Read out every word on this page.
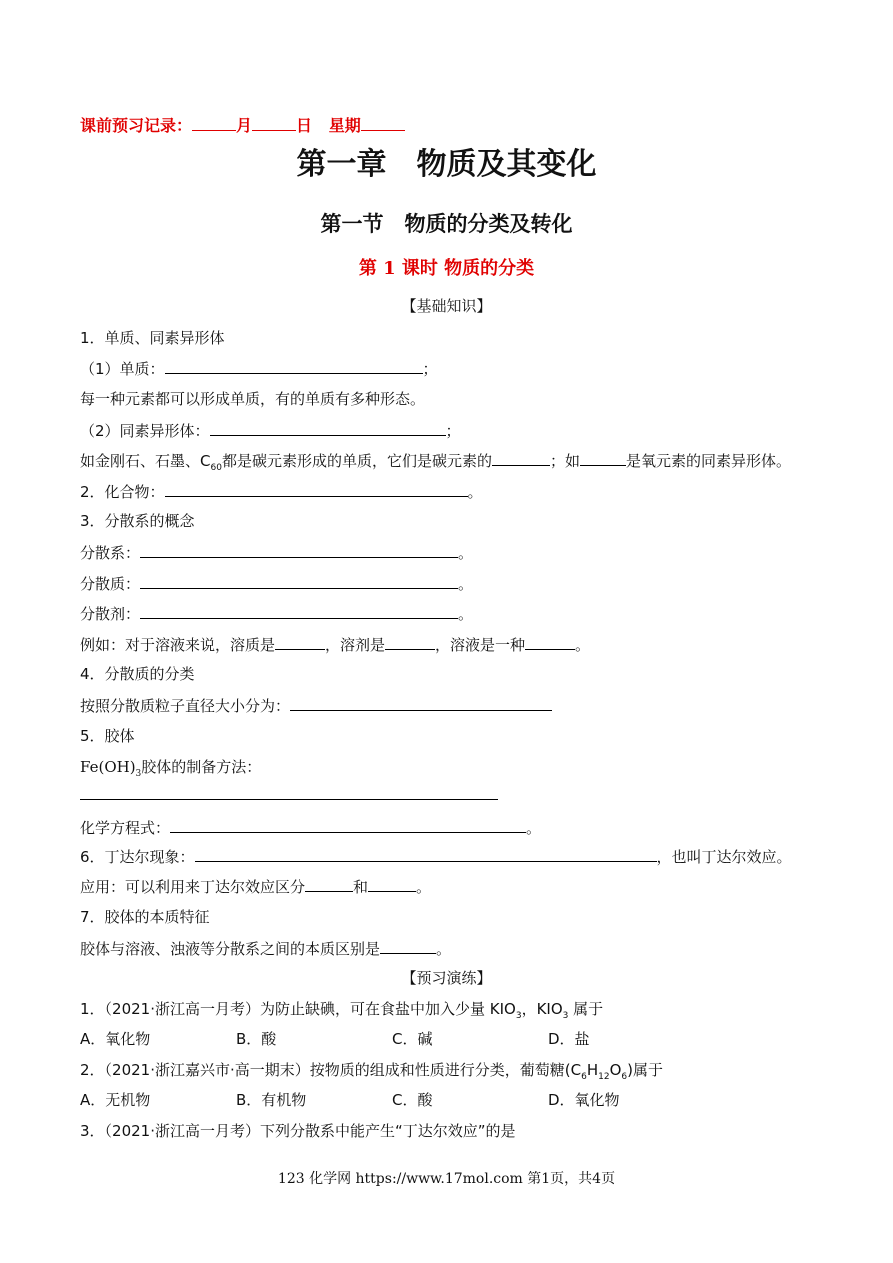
课前预习记录：	月	日 星期
第一章　物质及其变化
第一节　物质的分类及转化
第 1 课时 物质的分类
【基础知识】
1．单质、同素异形体
（1）单质：	；
每一种元素都可以形成单质，有的单质有多种形态。
（2）同素异形体：	；
如金刚石、石墨、$C_{60}$都是碳元素形成的单质，它们是碳元素的	；如	是氧元素的同素异形体。
2．化合物：	。
3．分散系的概念
分散系：	。
分散质：	。
分散剂：	。
例如：对于溶液来说，溶质是	，溶剂是	，溶液是一种	。
4．分散质的分类
按照分散质粒子直径大小分为：
5．胶体
$Fe(OH)_3$胶体的制备方法：
化学方程式：	。
6．丁达尔现象：	，也叫丁达尔效应。
应用：可以利用来丁达尔效应区分	和	。
7．胶体的本质特征
胶体与溶液、浊液等分散系之间的本质区别是	。
【预习演练】
1．（2021·浙江高一月考）为防止缺碘，可在食盐中加入少量 $KIO_3$，$KIO_3$ 属于
A．氧化物	B．酸	C．碱	D．盐
2．（2021·浙江嘉兴市·高一期末）按物质的组成和性质进行分类，葡萄糖$(C_6H_{12}O_6)$属于
A．无机物	B．有机物	C．酸	D．氧化物
3．（2021·浙江高一月考）下列分散系中能产生“丁达尔效应”的是
123 化学网 https://www.17mol.com 第1页，共4页
